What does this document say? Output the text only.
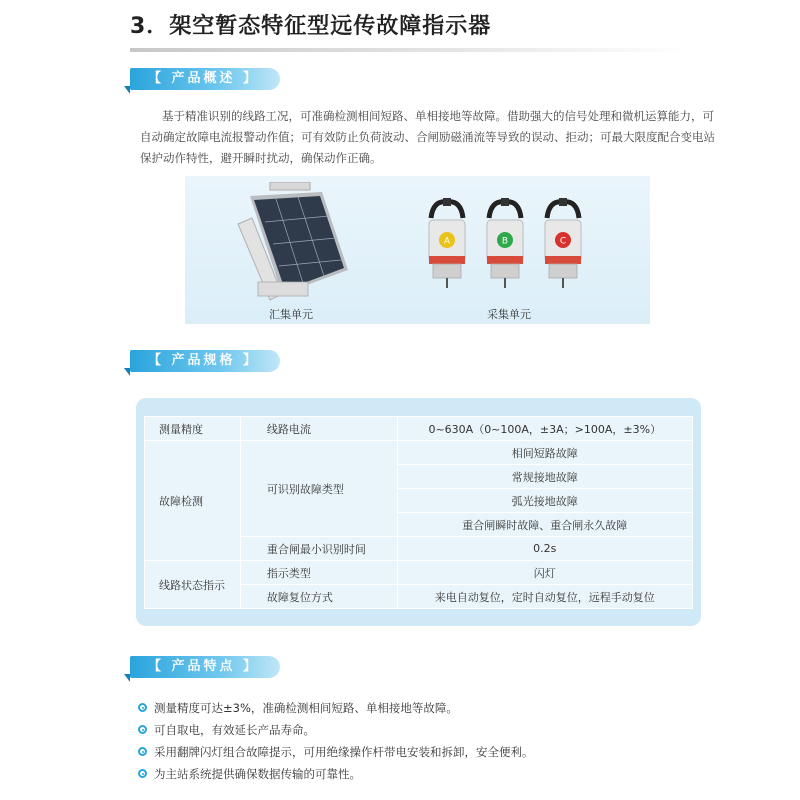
3．架空暂态特征型远传故障指示器
【 产品概述 】
基于精准识别的线路工况，可准确检测相间短路、单相接地等故障。借助强大的信号处理和微机运算能力，可自动确定故障电流报警动作值；可有效防止负荷波动、合闸励磁涌流等导致的误动、拒动；可最大限度配合变电站保护动作特性，避开瞬时扰动，确保动作正确。
汇集单元
A	B	C
采集单元
【 产品规格 】
测量精度	线路电流	0~630A（0~100A，±3A；>100A，±3%）
故障检测	可识别故障类型	相间短路故障
		常规接地故障
		弧光接地故障
		重合闸瞬时故障、重合闸永久故障
	重合闸最小识别时间	0.2s
线路状态指示	指示类型	闪灯
	故障复位方式	来电自动复位，定时自动复位，远程手动复位
【 产品特点 】
测量精度可达±3%，准确检测相间短路、单相接地等故障。
可自取电，有效延长产品寿命。
采用翻牌闪灯组合故障提示，可用绝缘操作杆带电安装和拆卸，安全便利。
为主站系统提供确保数据传输的可靠性。
